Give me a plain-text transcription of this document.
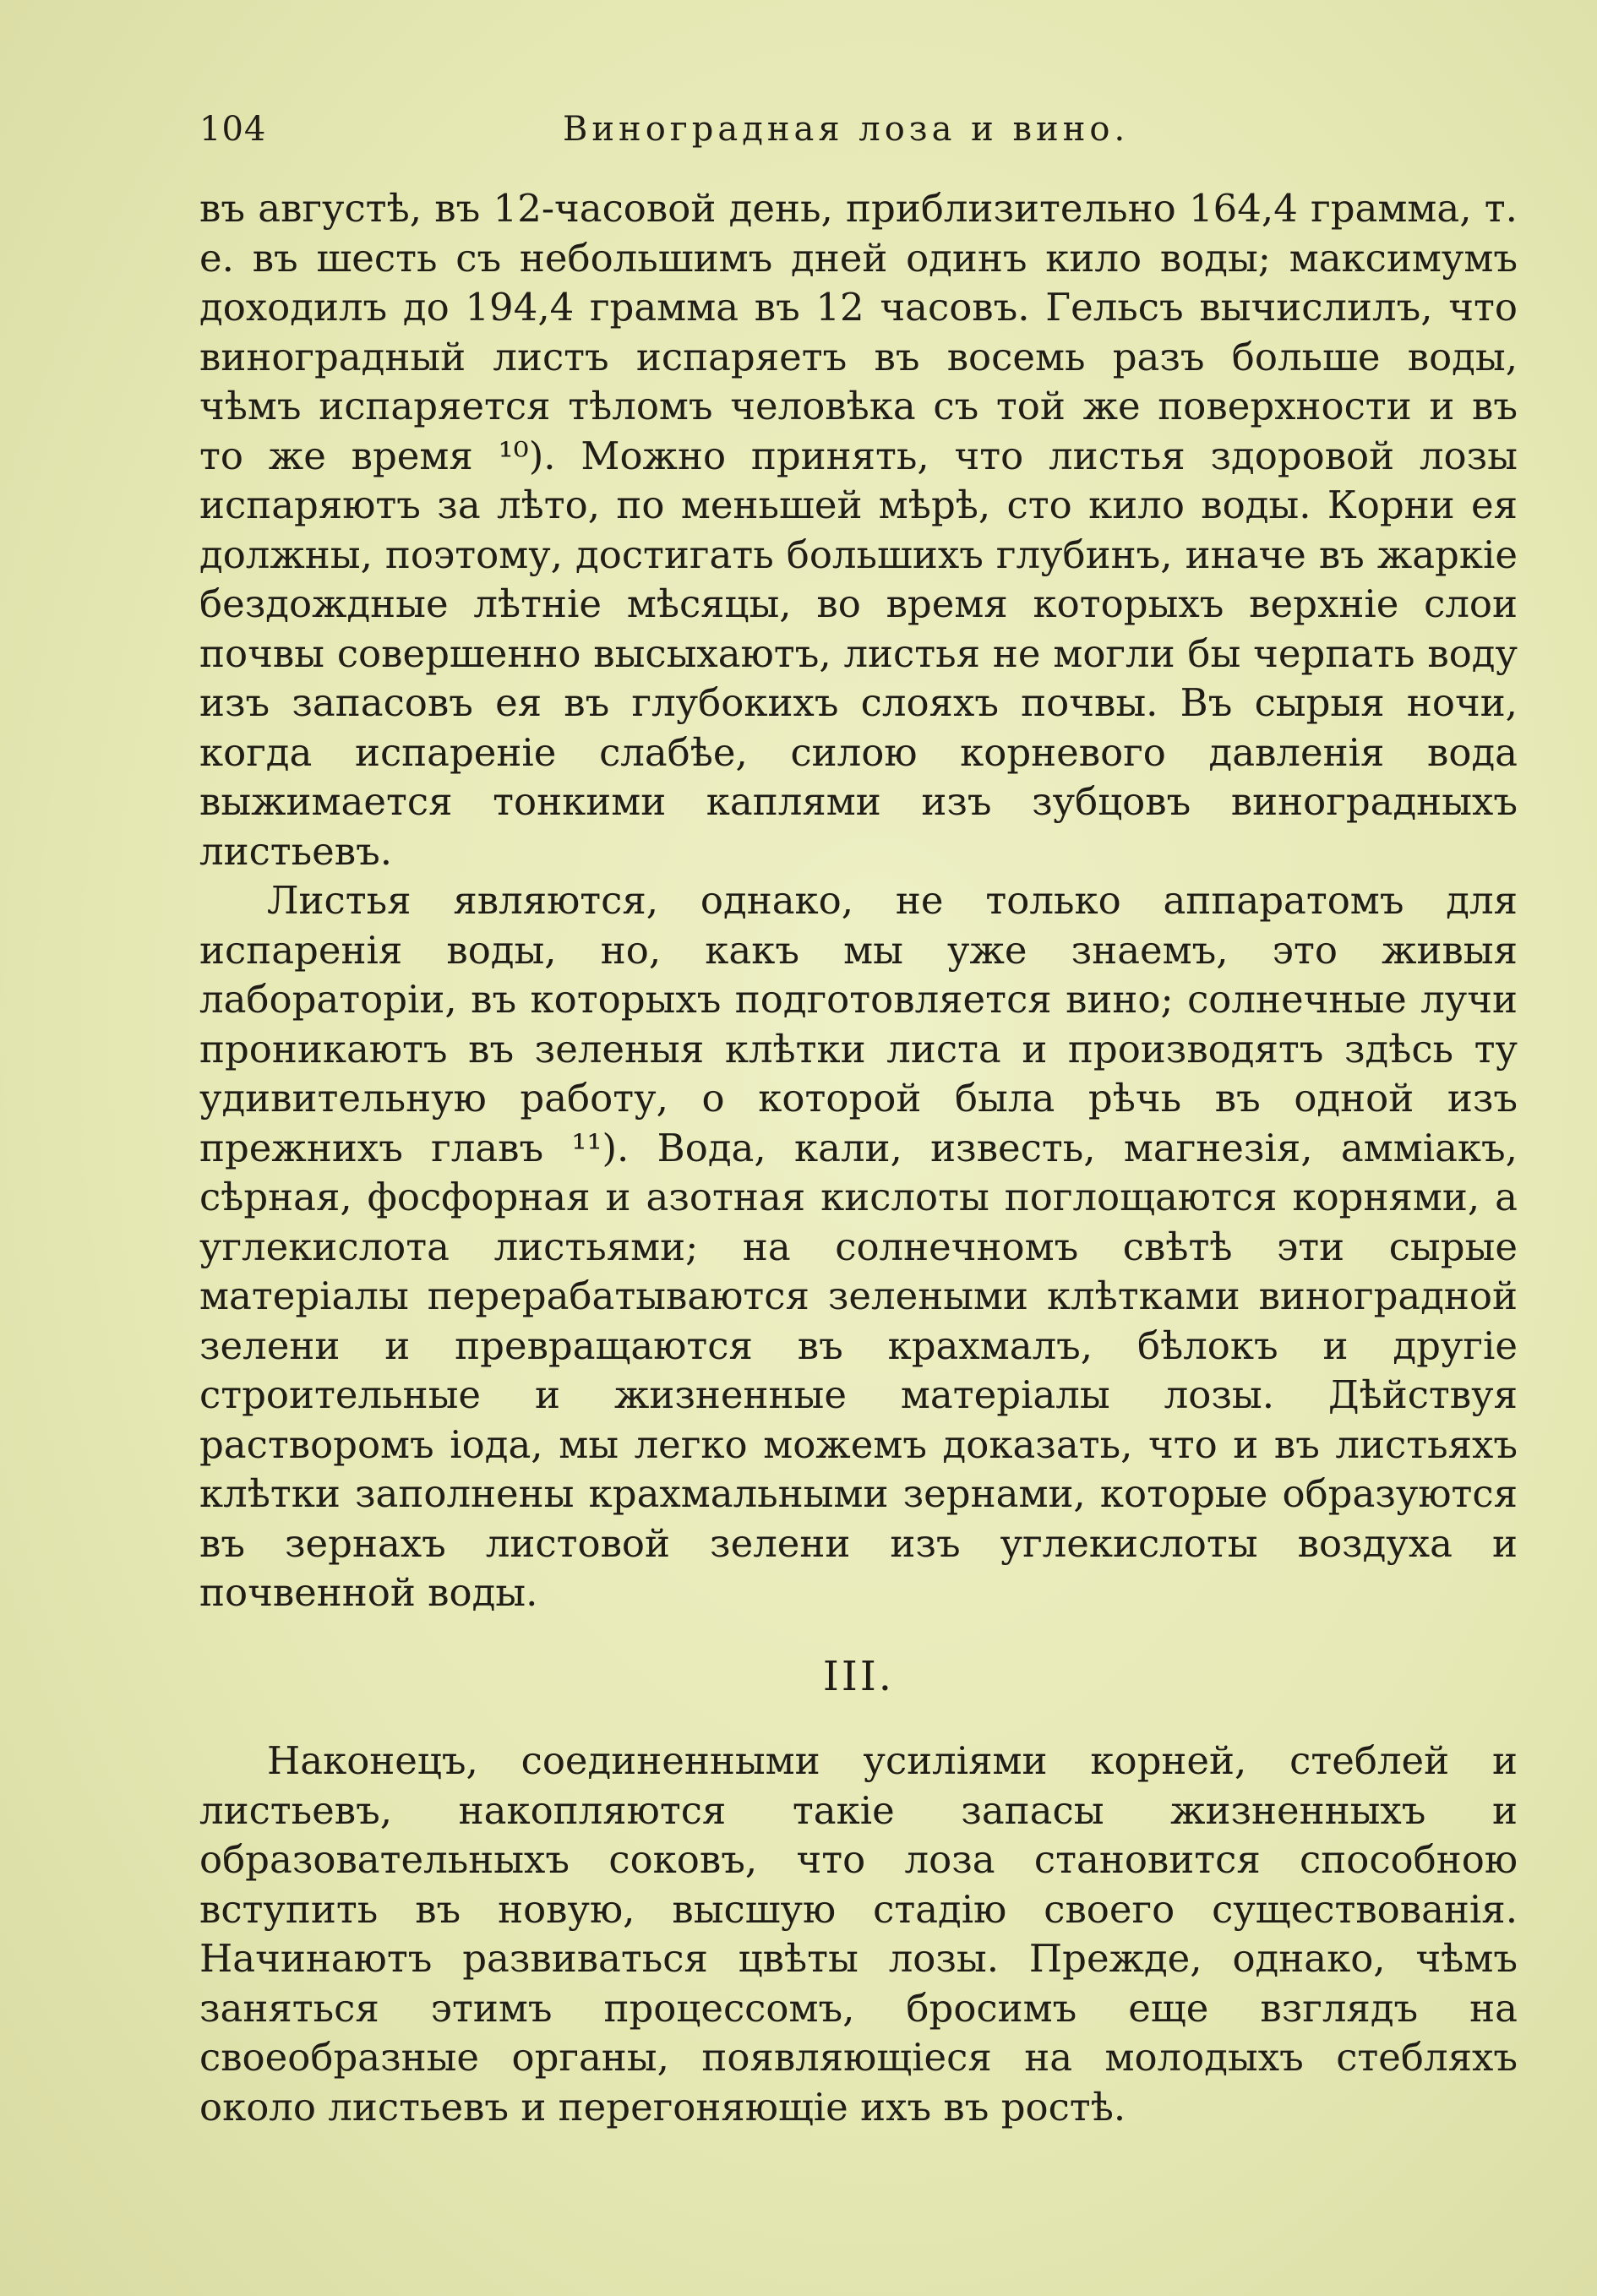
104	Виноградная лоза и вино.

въ августѣ, въ 12-часовой день, приблизительно 164,4 грамма, т. е. въ шесть съ небольшимъ дней одинъ кило воды; максимумъ доходилъ до 194,4 грамма въ 12 часовъ. Гельсъ вычислилъ, что виноградный листъ испаряетъ въ восемь разъ больше воды, чѣмъ испаряется тѣломъ человѣка съ той же поверхности и въ то же время ¹⁰). Можно принять, что листья здоровой лозы испаряютъ за лѣто, по меньшей мѣрѣ, сто кило воды. Корни ея должны, поэтому, достигать большихъ глубинъ, иначе въ жаркіе бездождные лѣтніе мѣсяцы, во время которыхъ верхніе слои почвы совершенно высыхаютъ, листья не могли бы черпать воду изъ запасовъ ея въ глубокихъ слояхъ почвы. Въ сырыя ночи, когда испареніе слабѣе, силою корневого давленія вода выжимается тонкими каплями изъ зубцовъ виноградныхъ листьевъ.

Листья являются, однако, не только аппаратомъ для испаренія воды, но, какъ мы уже знаемъ, это живыя лабораторіи, въ которыхъ подготовляется вино; солнечные лучи проникаютъ въ зеленыя клѣтки листа и производятъ здѣсь ту удивительную работу, о которой была рѣчь въ одной изъ прежнихъ главъ ¹¹). Вода, кали, известь, магнезія, амміакъ, сѣрная, фосфорная и азотная кислоты поглощаются корнями, а углекислота листьями; на солнечномъ свѣтѣ эти сырые матеріалы перерабатываются зелеными клѣтками виноградной зелени и превращаются въ крахмалъ, бѣлокъ и другіе строительные и жизненные матеріалы лозы. Дѣйствуя растворомъ іода, мы легко можемъ доказать, что и въ листьяхъ клѣтки заполнены крахмальными зернами, которые образуются въ зернахъ листовой зелени изъ углекислоты воздуха и почвенной воды.

III.

Наконецъ, соединенными усиліями корней, стеблей и листьевъ, накопляются такіе запасы жизненныхъ и образовательныхъ соковъ, что лоза становится способною вступить въ новую, высшую стадію своего существованія. Начинаютъ развиваться цвѣты лозы. Прежде, однако, чѣмъ заняться этимъ процессомъ, бросимъ еще взглядъ на своеобразные органы, появляющіеся на молодыхъ стебляхъ около листьевъ и перегоняющіе ихъ въ ростѣ.
